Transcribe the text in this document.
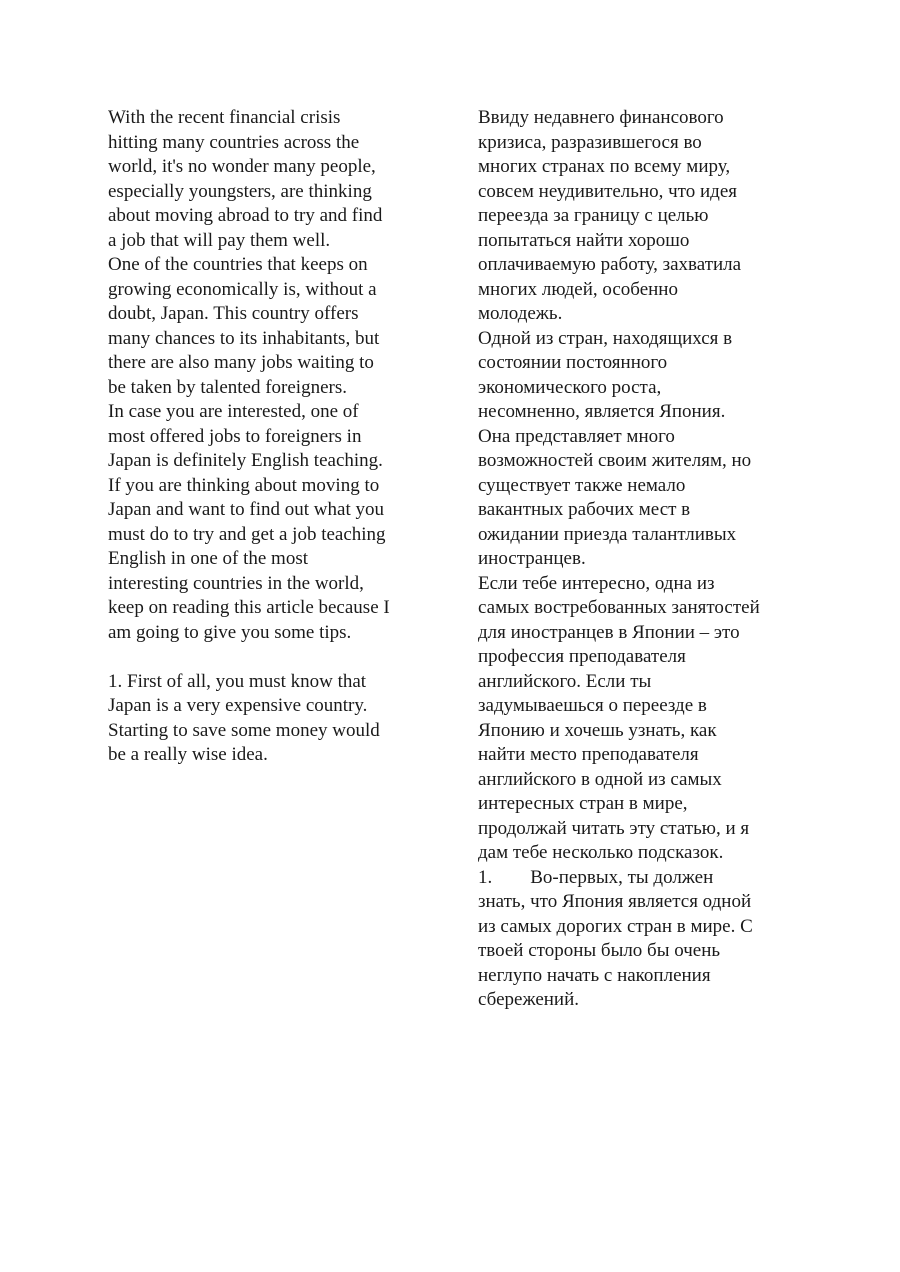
With the recent financial crisis
hitting many countries across the
world, it's no wonder many people,
especially youngsters, are thinking
about moving abroad to try and find
a job that will pay them well.
One of the countries that keeps on
growing economically is, without a
doubt, Japan. This country offers
many chances to its inhabitants, but
there are also many jobs waiting to
be taken by talented foreigners.
In case you are interested, one of
most offered jobs to foreigners in
Japan is definitely English teaching.
If you are thinking about moving to
Japan and want to find out what you
must do to try and get a job teaching
English in one of the most
interesting countries in the world,
keep on reading this article because I
am going to give you some tips.

1. First of all, you must know that
Japan is a very expensive country.
Starting to save some money would
be a really wise idea.
Ввиду недавнего финансового
кризиса, разразившегося во
многих странах по всему миру,
совсем неудивительно, что идея
переезда за границу с целью
попытаться найти хорошо
оплачиваемую работу, захватила
многих людей, особенно
молодежь.
Одной из стран, находящихся в
состоянии постоянного
экономического роста,
несомненно, является Япония.
Она представляет много
возможностей своим жителям, но
существует также немало
вакантных рабочих мест в
ожидании приезда талантливых
иностранцев.
Если тебе интересно, одна из
самых востребованных занятостей
для иностранцев в Японии – это
профессия преподавателя
английского. Если ты
задумываешься о переезде в
Японию и хочешь узнать, как
найти место преподавателя
английского в одной из самых
интересных стран в мире,
продолжай читать эту статью, и я
дам тебе несколько подсказок.
1.        Во-первых, ты должен
знать, что Япония является одной
из самых дорогих стран в мире. С
твоей стороны было бы очень
неглупо начать с накопления
сбережений.
